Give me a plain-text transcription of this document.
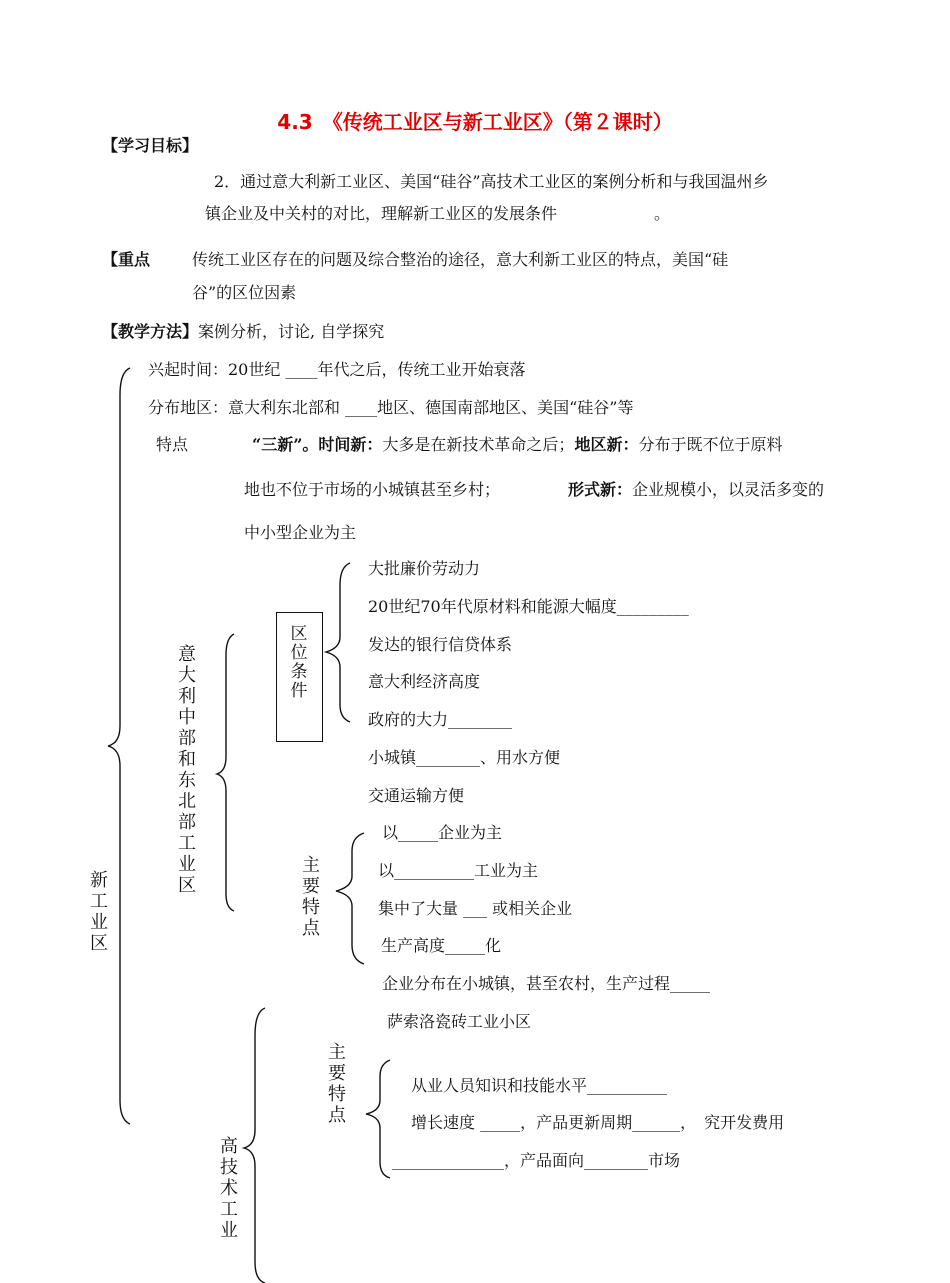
4.3　《传统工业区与新工业区》（第２课时）
【学习目标】
2．通过意大利新工业区、美国“硅谷”高技术工业区的案例分析和与我国温州乡
镇企业及中关村的对比，理解新工业区的发展条件	。
【重点	传统工业区存在的问题及综合整治的途径，意大利新工业区的特点，美国“硅
谷”的区位因素
【教学方法】案例分析，讨论, 自学探究
新工业区
兴起时间：20世纪 ____年代之后，传统工业开始衰落
分布地区：意大利东北部和 ____地区、德国南部地区、美国“硅谷”等
特点	“三新”。时间新：大多是在新技术革命之后；地区新：分布于既不位于原料
地也不位于市场的小城镇甚至乡村；	形式新：企业规模小，以灵活多变的
中小型企业为主
意大利中部和东北部工业区
区位条件
大批廉价劳动力
20世纪70年代原材料和能源大幅度_________
发达的银行信贷体系
意大利经济高度
政府的大力________
小城镇________、用水方便
交通运输方便
主要特点
以_____企业为主
以__________工业为主
集中了大量 ___ 或相关企业
生产高度_____化
企业分布在小城镇，甚至农村，生产过程_____
萨索洛瓷砖工业小区
主要特点
高技术工业
从业人员知识和技能水平__________
增长速度 _____，产品更新周期______，　究开发费用
______________，产品面向________市场
